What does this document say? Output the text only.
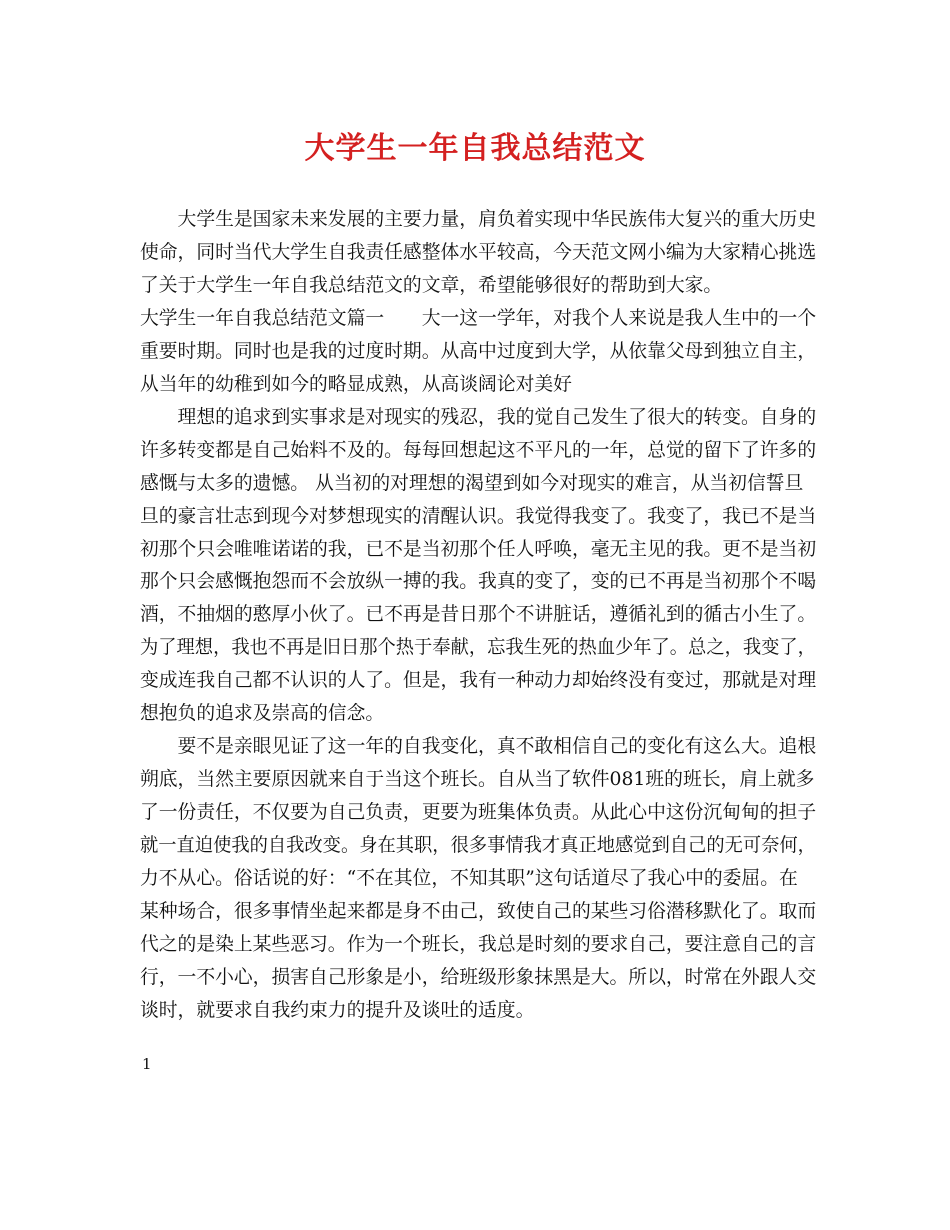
大学生一年自我总结范文

　　大学生是国家未来发展的主要力量，肩负着实现中华民族伟大复兴的重大历史

使命，同时当代大学生自我责任感整体水平较高，今天范文网小编为大家精心挑选

了关于大学生一年自我总结范文的文章，希望能够很好的帮助到大家。

大学生一年自我总结范文篇一　　大一这一学年，对我个人来说是我人生中的一个

重要时期。同时也是我的过度时期。从高中过度到大学，从依靠父母到独立自主，

从当年的幼稚到如今的略显成熟，从高谈阔论对美好

　　理想的追求到实事求是对现实的残忍，我的觉自己发生了很大的转变。自身的

许多转变都是自己始料不及的。每每回想起这不平凡的一年，总觉的留下了许多的

感慨与太多的遗憾。 从当初的对理想的渴望到如今对现实的难言，从当初信誓旦

旦的豪言壮志到现今对梦想现实的清醒认识。我觉得我变了。我变了，我已不是当

初那个只会唯唯诺诺的我，已不是当初那个任人呼唤，毫无主见的我。更不是当初

那个只会感慨抱怨而不会放纵一搏的我。我真的变了，变的已不再是当初那个不喝

酒，不抽烟的憨厚小伙了。已不再是昔日那个不讲脏话，遵循礼到的循古小生了。

为了理想，我也不再是旧日那个热于奉献，忘我生死的热血少年了。总之，我变了，

变成连我自己都不认识的人了。但是，我有一种动力却始终没有变过，那就是对理

想抱负的追求及崇高的信念。

　　要不是亲眼见证了这一年的自我变化，真不敢相信自己的变化有这么大。追根

朔底，当然主要原因就来自于当这个班长。自从当了软件081班的班长，肩上就多

了一份责任，不仅要为自己负责，更要为班集体负责。从此心中这份沉甸甸的担子

就一直迫使我的自我改变。身在其职，很多事情我才真正地感觉到自己的无可奈何，

力不从心。俗话说的好：“不在其位，不知其职”这句话道尽了我心中的委屈。在

某种场合，很多事情坐起来都是身不由己，致使自己的某些习俗潜移默化了。取而

代之的是染上某些恶习。作为一个班长，我总是时刻的要求自己，要注意自己的言

行，一不小心，损害自己形象是小，给班级形象抹黑是大。所以，时常在外跟人交

谈时，就要求自我约束力的提升及谈吐的适度。

1
